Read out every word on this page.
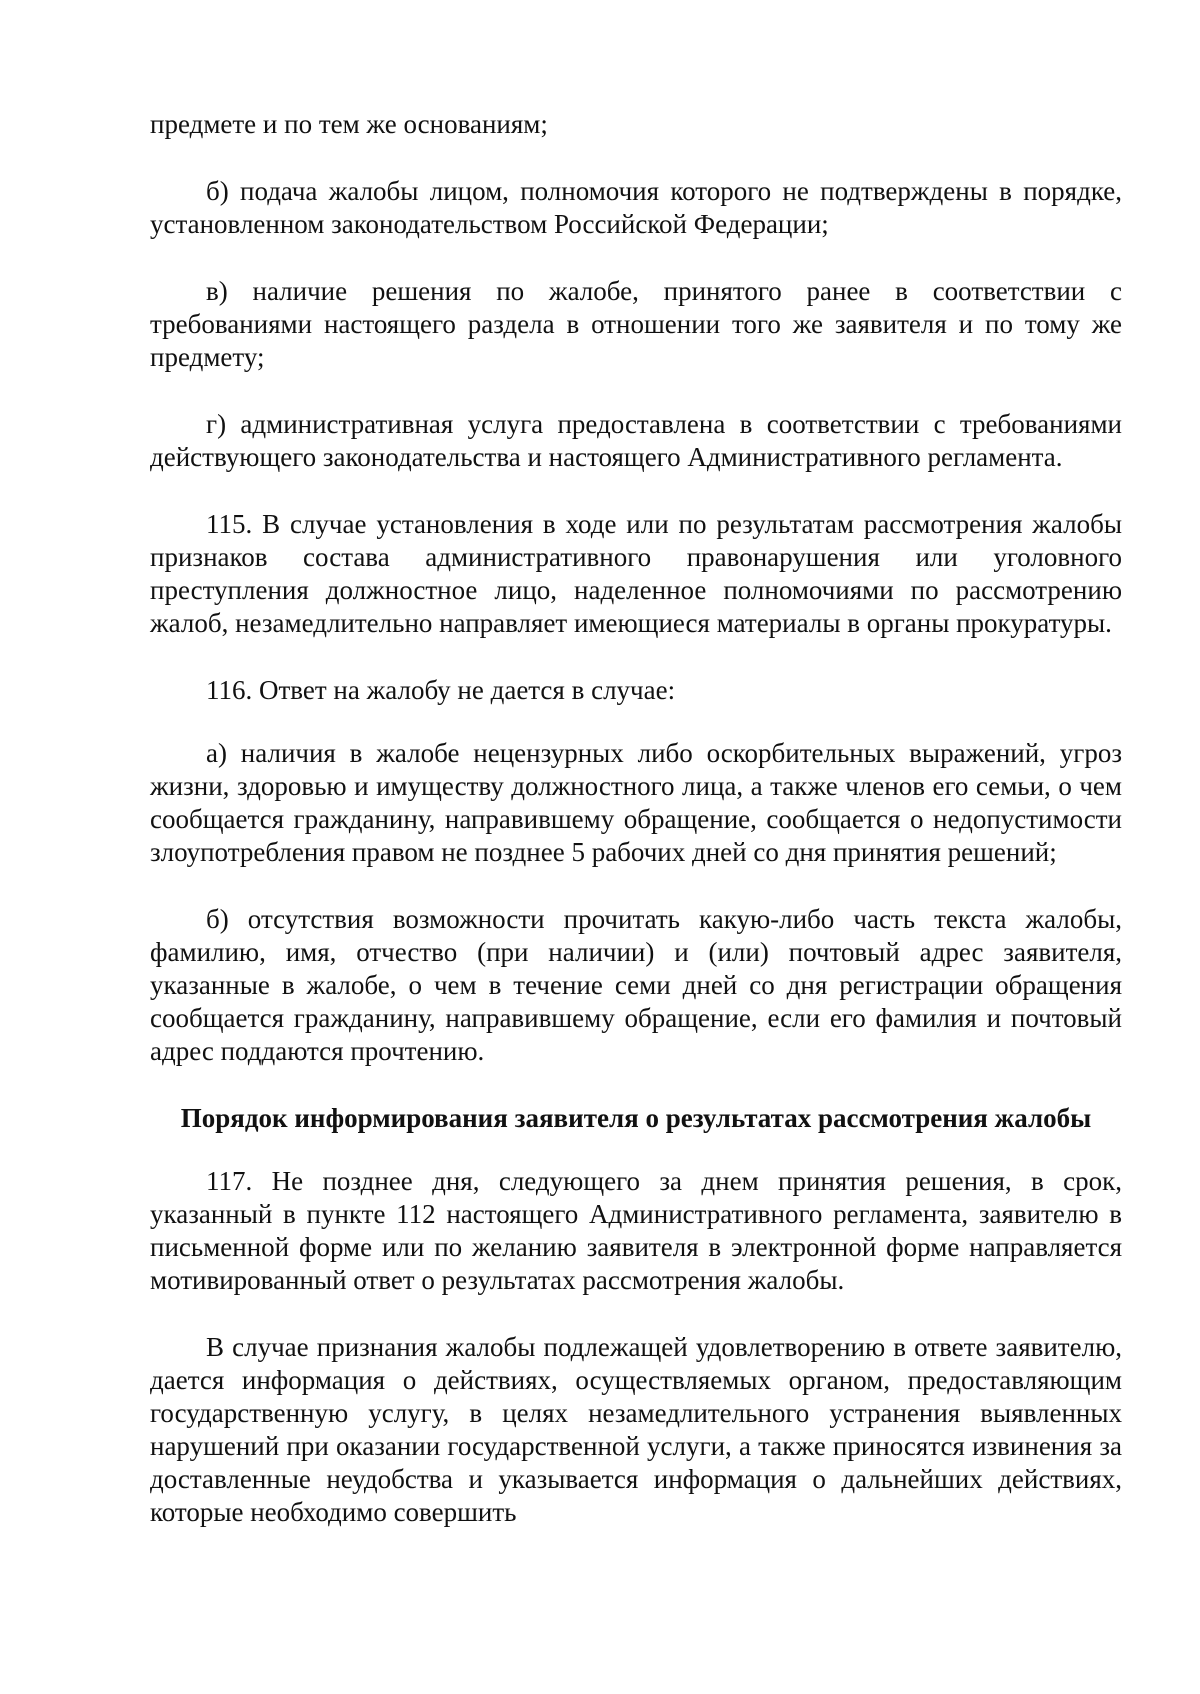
предмете и по тем же основаниям;

б) подача жалобы лицом, полномочия которого не подтверждены в порядке, установленном законодательством Российской Федерации;

в) наличие решения по жалобе, принятого ранее в соответствии с требованиями настоящего раздела в отношении того же заявителя и по тому же предмету;

г) административная услуга предоставлена в соответствии с требованиями действующего законодательства и настоящего Административного регламента.

115. В случае установления в ходе или по результатам рассмотрения жалобы признаков состава административного правонарушения или уголовного преступления должностное лицо, наделенное полномочиями по рассмотрению жалоб, незамедлительно направляет имеющиеся материалы в органы прокуратуры.

116. Ответ на жалобу не дается в случае:

а) наличия в жалобе нецензурных либо оскорбительных выражений, угроз жизни, здоровью и имуществу должностного лица, а также членов его семьи, о чем сообщается гражданину, направившему обращение, сообщается о недопустимости злоупотребления правом не позднее 5 рабочих дней со дня принятия решений;

б) отсутствия возможности прочитать какую-либо часть текста жалобы, фамилию, имя, отчество (при наличии) и (или) почтовый адрес заявителя, указанные в жалобе, о чем в течение семи дней со дня регистрации обращения сообщается гражданину, направившему обращение, если его фамилия и почтовый адрес поддаются прочтению.

Порядок информирования заявителя о результатах рассмотрения жалобы

117. Не позднее дня, следующего за днем принятия решения, в срок, указанный в пункте 112 настоящего Административного регламента, заявителю в письменной форме или по желанию заявителя в электронной форме направляется мотивированный ответ о результатах рассмотрения жалобы.

В случае признания жалобы подлежащей удовлетворению в ответе заявителю, дается информация о действиях, осуществляемых органом, предоставляющим государственную услугу, в целях незамедлительного устранения выявленных нарушений при оказании государственной услуги, а также приносятся извинения за доставленные неудобства и указывается информация о дальнейших действиях, которые необходимо совершить
